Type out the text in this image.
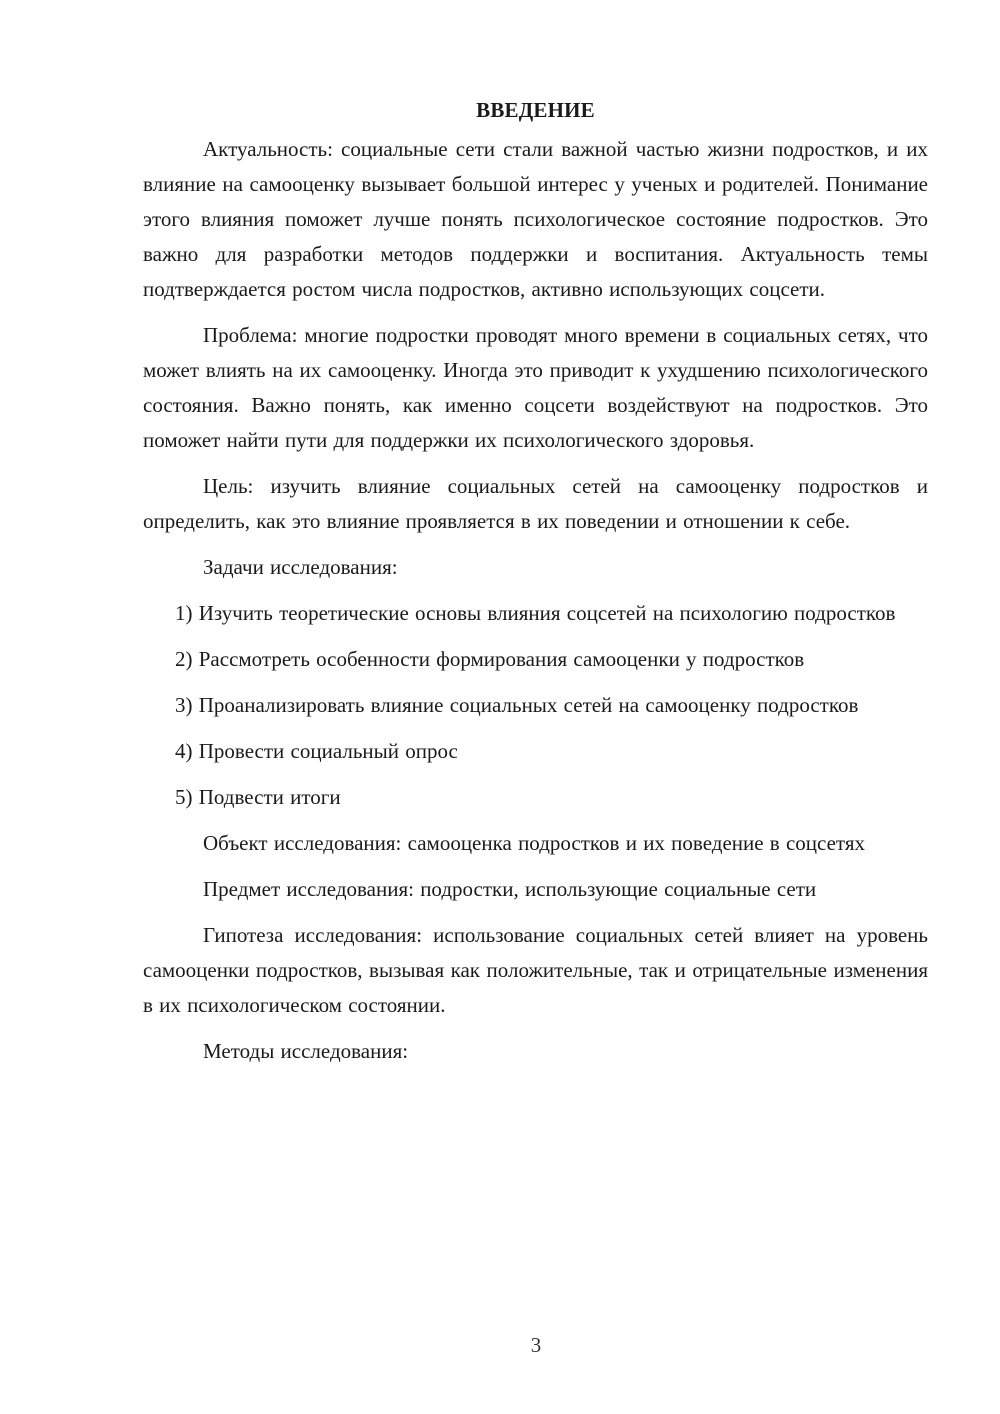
ВВЕДЕНИЕ

Актуальность: социальные сети стали важной частью жизни подростков, и их влияние на самооценку вызывает большой интерес у ученых и родителей. Понимание этого влияния поможет лучше понять психологическое состояние подростков. Это важно для разработки методов поддержки и воспитания. Актуальность темы подтверждается ростом числа подростков, активно использующих соцсети.

Проблема: многие подростки проводят много времени в социальных сетях, что может влиять на их самооценку. Иногда это приводит к ухудшению психологического состояния. Важно понять, как именно соцсети воздействуют на подростков. Это поможет найти пути для поддержки их психологического здоровья.

Цель: изучить влияние социальных сетей на самооценку подростков и определить, как это влияние проявляется в их поведении и отношении к себе.

Задачи исследования:

1) Изучить теоретические основы влияния соцсетей на психологию подростков

2) Рассмотреть особенности формирования самооценки у подростков

3) Проанализировать влияние социальных сетей на самооценку подростков

4) Провести социальный опрос

5) Подвести итоги

Объект исследования: самооценка подростков и их поведение в соцсетях

Предмет исследования: подростки, использующие социальные сети

Гипотеза исследования: использование социальных сетей влияет на уровень самооценки подростков, вызывая как положительные, так и отрицательные изменения в их психологическом состоянии.

Методы исследования:

3
